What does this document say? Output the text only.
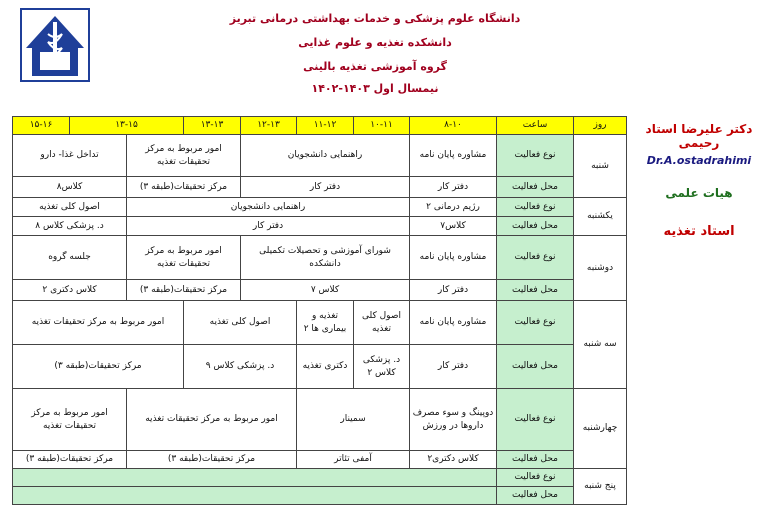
دانشگاه علوم پزشکی و خدمات بهداشتی درمانی تبریز
دانشکده تغذیه و علوم غذایی
گروه آموزشی تغذیه بالینی
نیمسال اول ۱۴۰۳-۱۴۰۲
روز	ساعت	۸-۱۰	۱۰-۱۱	۱۱-۱۲	۱۲-۱۳	۱۳-۱۳	۱۳-۱۵		۱۵-۱۶
شنبه	نوع فعالیت	مشاوره پایان نامه	راهنمایی دانشجویان			امور مربوط به مرکز تحقیقات تغذیه		تداخل غذا- دارو	
	محل فعالیت	دفتر کار	دفتر کار			مرکز تحقیقات(طبقه ۳)		کلاس۸	
یکشنبه	نوع فعالیت	رژیم درمانی ۲	راهنمایی دانشجویان					اصول کلی تغذیه	
	محل فعالیت	کلاس۷	دفتر کار					د. پزشکی کلاس ۸	
دوشنبه	نوع فعالیت	مشاوره پایان نامه	شورای آموزشی و تحصیلات تکمیلی دانشکده			امور مربوط به مرکز تحقیقات تغذیه		جلسه گروه	
	محل فعالیت	دفتر کار	کلاس ۷			مرکز تحقیقات(طبقه ۳)		کلاس دکتری ۲	
سه شنبه	نوع فعالیت	مشاوره پایان نامه	اصول کلی تغذیه	تغذیه و بیماری ها ۲	اصول کلی تغذیه		امور مربوط به مرکز تحقیقات تغذیه		
	محل فعالیت	دفتر کار	د. پزشکی کلاس ۲	دکتری تغذیه	د. پزشکی کلاس ۹		مرکز تحقیقات(طبقه ۳)		
چهارشنبه	نوع فعالیت	دوپینگ و سوء مصرف داروها در ورزش	سمینار		امور مربوط به مرکز تحقیقات تغذیه			امور مربوط به مرکز تحقیقات تغذیه	
	محل فعالیت	کلاس دکتری۲	آمفی تئاتر		مرکز تحقیقات(طبقه ۳)			مرکز تحقیقات(طبقه ۳)	
پنج شنبه	نوع فعالیت								
	محل فعالیت								
دکتر علیرضا استاد رحیمی
Dr.A.ostadrahimi
هیات علمی
استاد تغذیه
